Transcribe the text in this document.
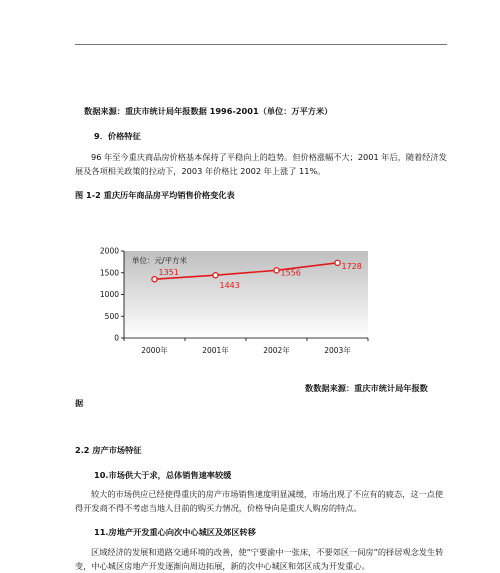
数据来源：重庆市统计局年报数据 1996-2001（单位：万平方米）
9．价格特征
96 年至今重庆商品房价格基本保持了平稳向上的趋势。但价格涨幅不大；2001 年后，随着经济发展及各项相关政策的拉动下，2003 年价格比 2002 年上涨了 11%。
图 1-2 重庆历年商品房平均销售价格变化表
0
500
1000
1500
2000
2000年	2001年	2002年	2003年
单位：元/平方米
1351
1443
1556
1728
数数据来源：重庆市统计局年报数
据
2.2 房产市场特征
10.市场供大于求，总体销售速率较缓
较大的市场供应已经使得重庆的房产市场销售速度明显减缓，市场出现了不应有的疲态，这一点使得开发商不得不考虑当地人目前的购买力情况，价格导向是重庆人购房的特点。
11.房地产开发重心向次中心城区及郊区转移
区域经济的发展和道路交通环境的改善，使“宁要渝中一张床，不要郊区一间房”的择居观念发生转变，中心城区房地产开发逐渐向周边拓展，新的次中心城区和郊区成为开发重心。
